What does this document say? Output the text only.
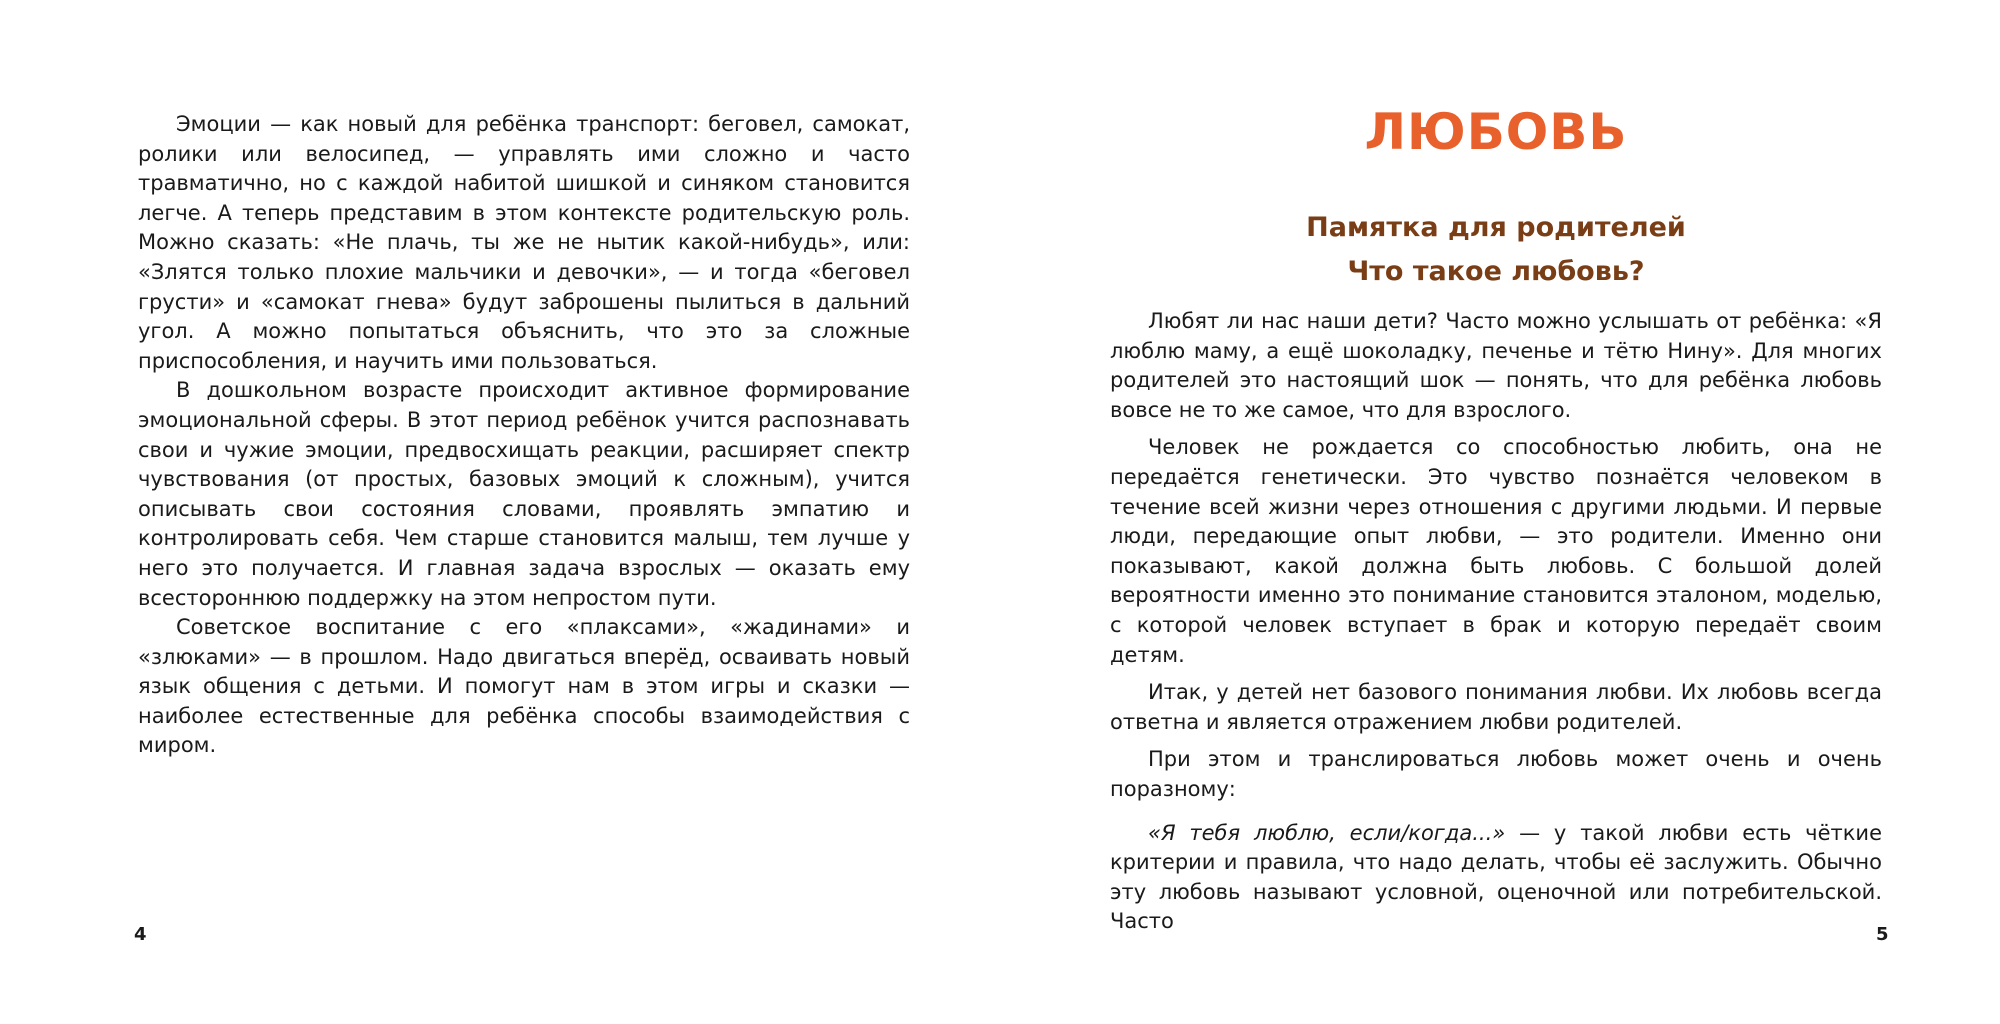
Эмоции — как новый для ребёнка транспорт: беговел, самокат, ролики или велосипед, — управлять ими сложно и часто травматично, но с каждой набитой шишкой и синяком становится легче. А теперь представим в этом контексте родительскую роль. Можно сказать: «Не плачь, ты же не нытик какой-нибудь», или: «Злятся только плохие мальчики и девочки», — и тогда «беговел грусти» и «самокат гнева» будут заброшены пылиться в дальний угол. А можно попытаться объяснить, что это за сложные приспособления, и научить ими пользоваться.

В дошкольном возрасте происходит активное формирование эмоциональной сферы. В этот период ребёнок учится распознавать свои и чужие эмоции, предвосхищать реакции, расширяет спектр чувствования (от простых, базовых эмоций к сложным), учится описывать свои состояния словами, проявлять эмпатию и контролировать себя. Чем старше становится малыш, тем лучше у него это получается. И главная задача взрослых — оказать ему всестороннюю поддержку на этом непростом пути.

Советское воспитание с его «плаксами», «жадинами» и «злюками» — в прошлом. Надо двигаться вперёд, осваивать новый язык общения с детьми. И помогут нам в этом игры и сказки — наиболее естественные для ребёнка способы взаимодействия с миром.

4
ЛЮБОВЬ
Памятка для родителей
Что такое любовь?

Любят ли нас наши дети? Часто можно услышать от ребёнка: «Я люблю маму, а ещё шоколадку, печенье и тётю Нину». Для многих родителей это настоящий шок — понять, что для ребёнка любовь вовсе не то же самое, что для взрослого.

Человек не рождается со способностью любить, она не передаётся генетически. Это чувство познаётся человеком в течение всей жизни через отношения с другими людьми. И первые люди, передающие опыт любви, — это родители. Именно они показывают, какой должна быть любовь. С большой долей вероятности именно это понимание становится эталоном, моделью, с которой человек вступает в брак и которую передаёт своим детям.

Итак, у детей нет базового понимания любви. Их любовь всегда ответна и является отражением любви родителей.

При этом и транслироваться любовь может очень и очень поразному:

«Я тебя люблю, если/когда...» — у такой любви есть чёткие критерии и правила, что надо делать, чтобы её заслужить. Обычно эту любовь называют условной, оценочной или потребительской. Часто

5
